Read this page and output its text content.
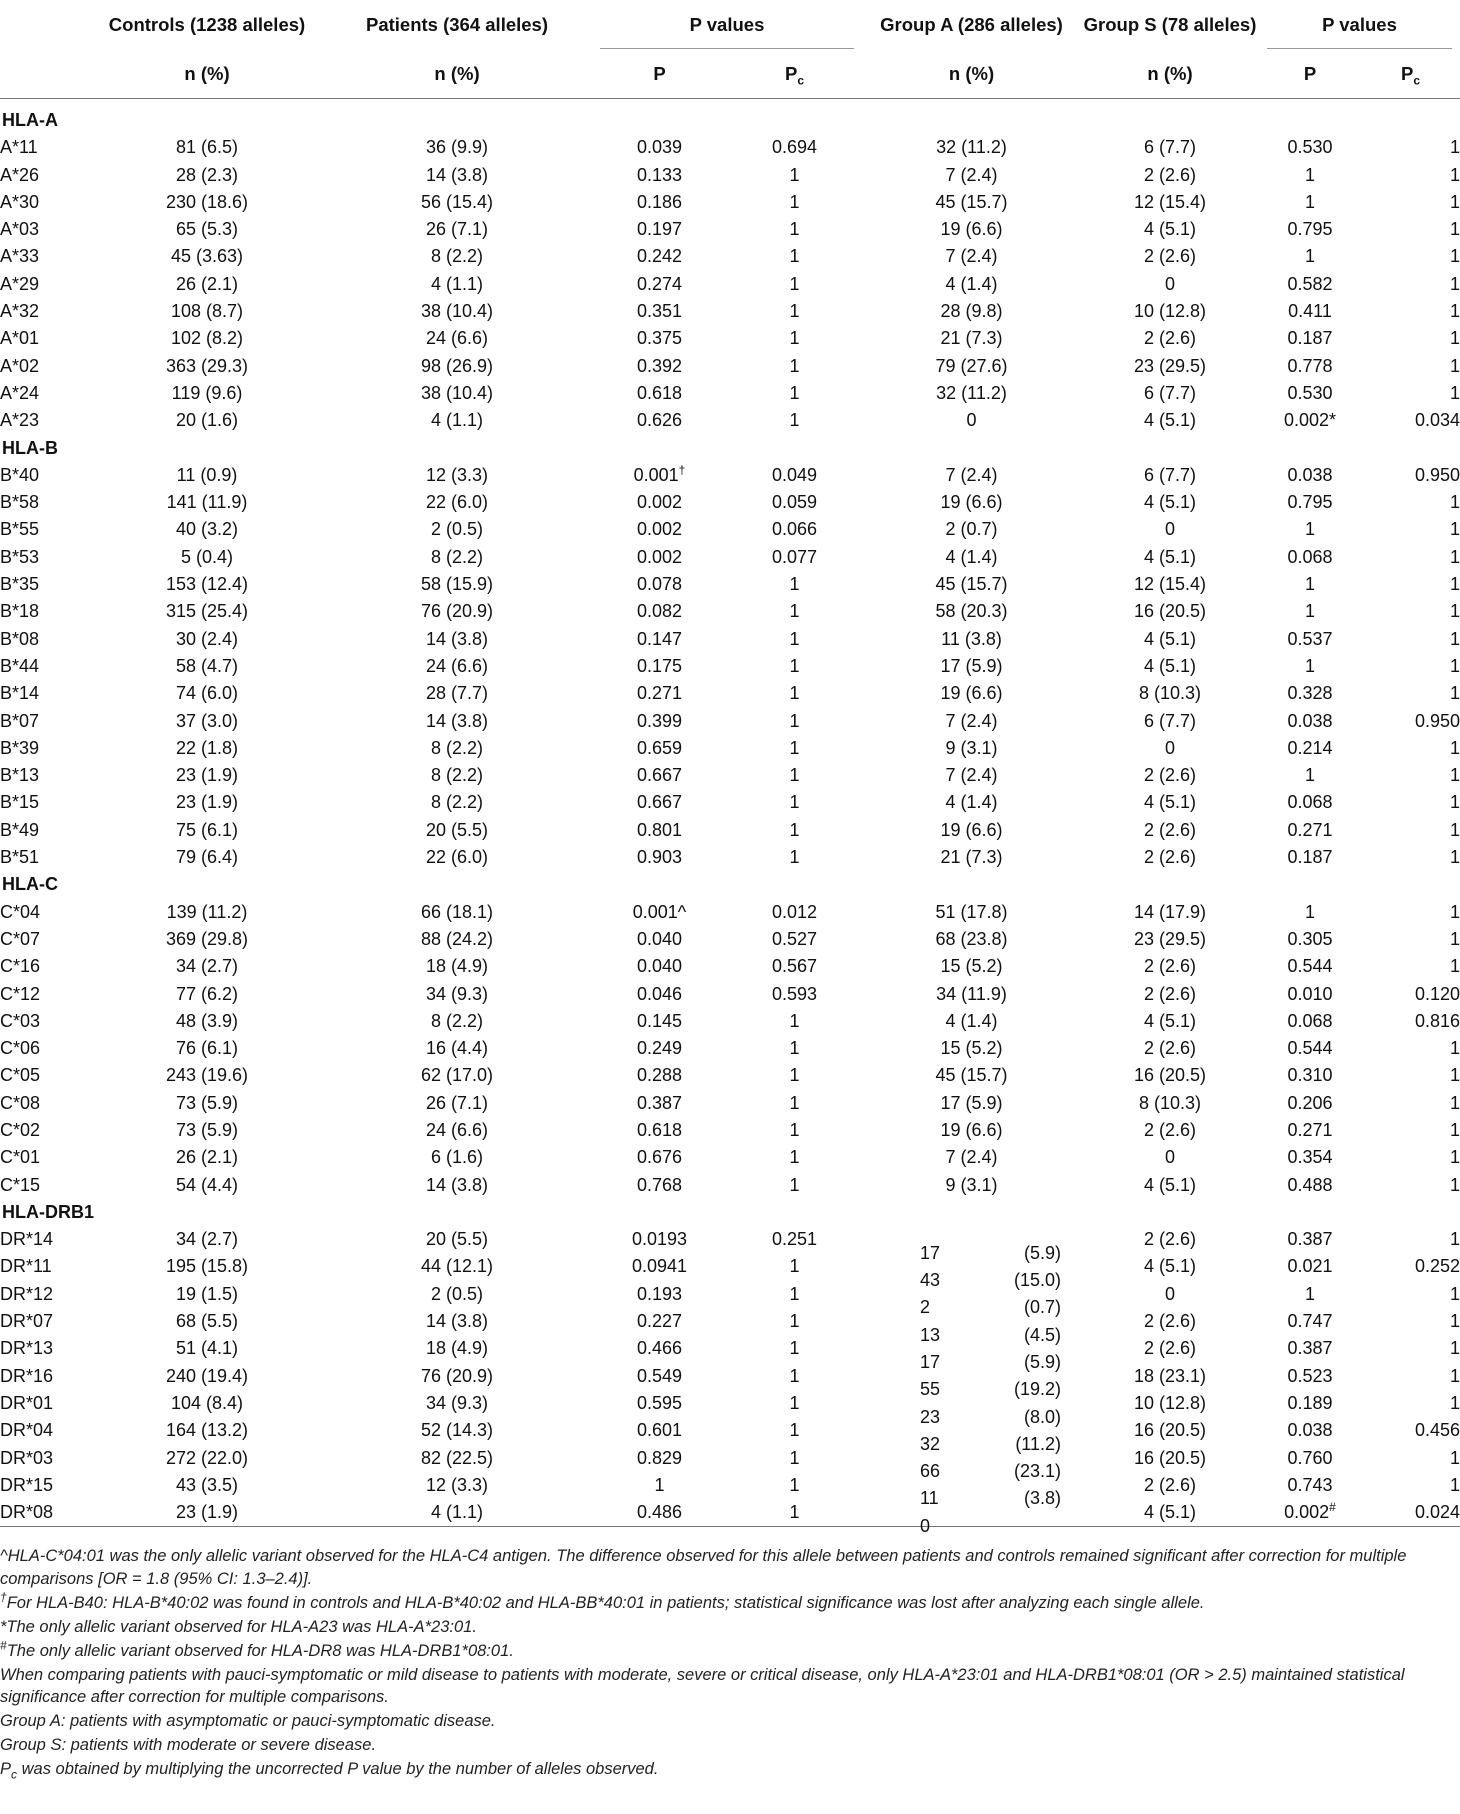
	Controls (1238 alleles)	Patients (364 alleles)	P values		Group A (286 alleles)	Group S (78 alleles)	P values	
	n (%)	n (%)	P	$P_c$	n (%)	n (%)	P	$P_c$
HLA-A								
A*11	81 (6.5)	36 (9.9)	0.039	0.694	32 (11.2)	6 (7.7)	0.530	1
A*26	28 (2.3)	14 (3.8)	0.133	1	7 (2.4)	2 (2.6)	1	1
A*30	230 (18.6)	56 (15.4)	0.186	1	45 (15.7)	12 (15.4)	1	1
A*03	65 (5.3)	26 (7.1)	0.197	1	19 (6.6)	4 (5.1)	0.795	1
A*33	45 (3.63)	8 (2.2)	0.242	1	7 (2.4)	2 (2.6)	1	1
A*29	26 (2.1)	4 (1.1)	0.274	1	4 (1.4)	0	0.582	1
A*32	108 (8.7)	38 (10.4)	0.351	1	28 (9.8)	10 (12.8)	0.411	1
A*01	102 (8.2)	24 (6.6)	0.375	1	21 (7.3)	2 (2.6)	0.187	1
A*02	363 (29.3)	98 (26.9)	0.392	1	79 (27.6)	23 (29.5)	0.778	1
A*24	119 (9.6)	38 (10.4)	0.618	1	32 (11.2)	6 (7.7)	0.530	1
A*23	20 (1.6)	4 (1.1)	0.626	1	0	4 (5.1)	0.002*	0.034
HLA-B								
B*40	11 (0.9)	12 (3.3)	0.001†	0.049	7 (2.4)	6 (7.7)	0.038	0.950
B*58	141 (11.9)	22 (6.0)	0.002	0.059	19 (6.6)	4 (5.1)	0.795	1
B*55	40 (3.2)	2 (0.5)	0.002	0.066	2 (0.7)	0	1	1
B*53	5 (0.4)	8 (2.2)	0.002	0.077	4 (1.4)	4 (5.1)	0.068	1
B*35	153 (12.4)	58 (15.9)	0.078	1	45 (15.7)	12 (15.4)	1	1
B*18	315 (25.4)	76 (20.9)	0.082	1	58 (20.3)	16 (20.5)	1	1
B*08	30 (2.4)	14 (3.8)	0.147	1	11 (3.8)	4 (5.1)	0.537	1
B*44	58 (4.7)	24 (6.6)	0.175	1	17 (5.9)	4 (5.1)	1	1
B*14	74 (6.0)	28 (7.7)	0.271	1	19 (6.6)	8 (10.3)	0.328	1
B*07	37 (3.0)	14 (3.8)	0.399	1	7 (2.4)	6 (7.7)	0.038	0.950
B*39	22 (1.8)	8 (2.2)	0.659	1	9 (3.1)	0	0.214	1
B*13	23 (1.9)	8 (2.2)	0.667	1	7 (2.4)	2 (2.6)	1	1
B*15	23 (1.9)	8 (2.2)	0.667	1	4 (1.4)	4 (5.1)	0.068	1
B*49	75 (6.1)	20 (5.5)	0.801	1	19 (6.6)	2 (2.6)	0.271	1
B*51	79 (6.4)	22 (6.0)	0.903	1	21 (7.3)	2 (2.6)	0.187	1
HLA-C								
C*04	139 (11.2)	66 (18.1)	0.001^	0.012	51 (17.8)	14 (17.9)	1	1
C*07	369 (29.8)	88 (24.2)	0.040	0.527	68 (23.8)	23 (29.5)	0.305	1
C*16	34 (2.7)	18 (4.9)	0.040	0.567	15 (5.2)	2 (2.6)	0.544	1
C*12	77 (6.2)	34 (9.3)	0.046	0.593	34 (11.9)	2 (2.6)	0.010	0.120
C*03	48 (3.9)	8 (2.2)	0.145	1	4 (1.4)	4 (5.1)	0.068	0.816
C*06	76 (6.1)	16 (4.4)	0.249	1	15 (5.2)	2 (2.6)	0.544	1
C*05	243 (19.6)	62 (17.0)	0.288	1	45 (15.7)	16 (20.5)	0.310	1
C*08	73 (5.9)	26 (7.1)	0.387	1	17 (5.9)	8 (10.3)	0.206	1
C*02	73 (5.9)	24 (6.6)	0.618	1	19 (6.6)	2 (2.6)	0.271	1
C*01	26 (2.1)	6 (1.6)	0.676	1	7 (2.4)	0	0.354	1
C*15	54 (4.4)	14 (3.8)	0.768	1	9 (3.1)	4 (5.1)	0.488	1
HLA-DRB1								
DR*14	34 (2.7)	20 (5.5)	0.0193	0.251	17 (5.9)	2 (2.6)	0.387	1
DR*11	195 (15.8)	44 (12.1)	0.0941	1	43 (15.0)	4 (5.1)	0.021	0.252
DR*12	19 (1.5)	2 (0.5)	0.193	1	2 (0.7)	0	1	1
DR*07	68 (5.5)	14 (3.8)	0.227	1	13 (4.5)	2 (2.6)	0.747	1
DR*13	51 (4.1)	18 (4.9)	0.466	1	17 (5.9)	2 (2.6)	0.387	1
DR*16	240 (19.4)	76 (20.9)	0.549	1	55 (19.2)	18 (23.1)	0.523	1
DR*01	104 (8.4)	34 (9.3)	0.595	1	23 (8.0)	10 (12.8)	0.189	1
DR*04	164 (13.2)	52 (14.3)	0.601	1	32 (11.2)	16 (20.5)	0.038	0.456
DR*03	272 (22.0)	82 (22.5)	0.829	1	66 (23.1)	16 (20.5)	0.760	1
DR*15	43 (3.5)	12 (3.3)	1	1	11 (3.8)	2 (2.6)	0.743	1
DR*08	23 (1.9)	4 (1.1)	0.486	1	0	4 (5.1)	0.002#	0.024

^HLA-C*04:01 was the only allelic variant observed for the HLA-C4 antigen. The difference observed for this allele between patients and controls remained significant after correction for multiple comparisons [OR = 1.8 (95% CI: 1.3–2.4)].

†For HLA-B40: HLA-B*40:02 was found in controls and HLA-B*40:02 and HLA-BB*40:01 in patients; statistical significance was lost after analyzing each single allele.

*The only allelic variant observed for HLA-A23 was HLA-A*23:01.

#The only allelic variant observed for HLA-DR8 was HLA-DRB1*08:01.

When comparing patients with pauci-symptomatic or mild disease to patients with moderate, severe or critical disease, only HLA-A*23:01 and HLA-DRB1*08:01 (OR > 2.5) maintained statistical significance after correction for multiple comparisons.

Group A: patients with asymptomatic or pauci-symptomatic disease.

Group S: patients with moderate or severe disease.

$P_c$ was obtained by multiplying the uncorrected P value by the number of alleles observed.
